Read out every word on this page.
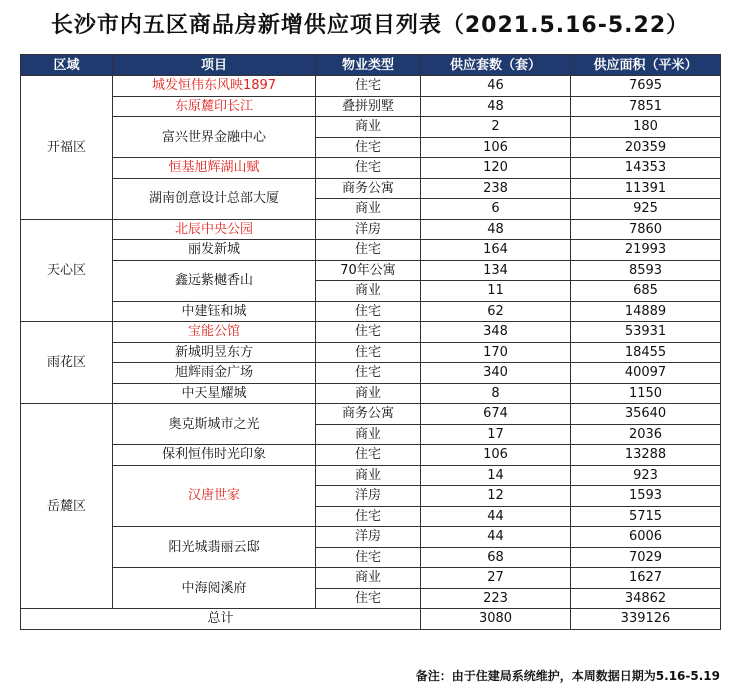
长沙市内五区商品房新增供应项目列表（2021.5.16-5.22）
区域	项目	物业类型	供应套数（套）	供应面积（平米）
开福区	城发恒伟东风映1897	住宅	46	7695
	东原麓印长江	叠拼别墅	48	7851
	富兴世界金融中心	商业	2	180
		住宅	106	20359
	恒基旭辉湖山赋	住宅	120	14353
	湖南创意设计总部大厦	商务公寓	238	11391
		商业	6	925
天心区	北辰中央公园	洋房	48	7860
	丽发新城	住宅	164	21993
	鑫远紫樾香山	70年公寓	134	8593
		商业	11	685
	中建钰和城	住宅	62	14889
雨花区	宝能公馆	住宅	348	53931
	新城明昱东方	住宅	170	18455
	旭辉雨金广场	住宅	340	40097
	中天星耀城	商业	8	1150
岳麓区	奥克斯城市之光	商务公寓	674	35640
		商业	17	2036
	保利恒伟时光印象	住宅	106	13288
	汉唐世家	商业	14	923
		洋房	12	1593
		住宅	44	5715
	阳光城翡丽云邸	洋房	44	6006
		住宅	68	7029
	中海阅溪府	商业	27	1627
		住宅	223	34862
总计			3080	339126
备注：由于住建局系统维护，本周数据日期为5.16-5.19
